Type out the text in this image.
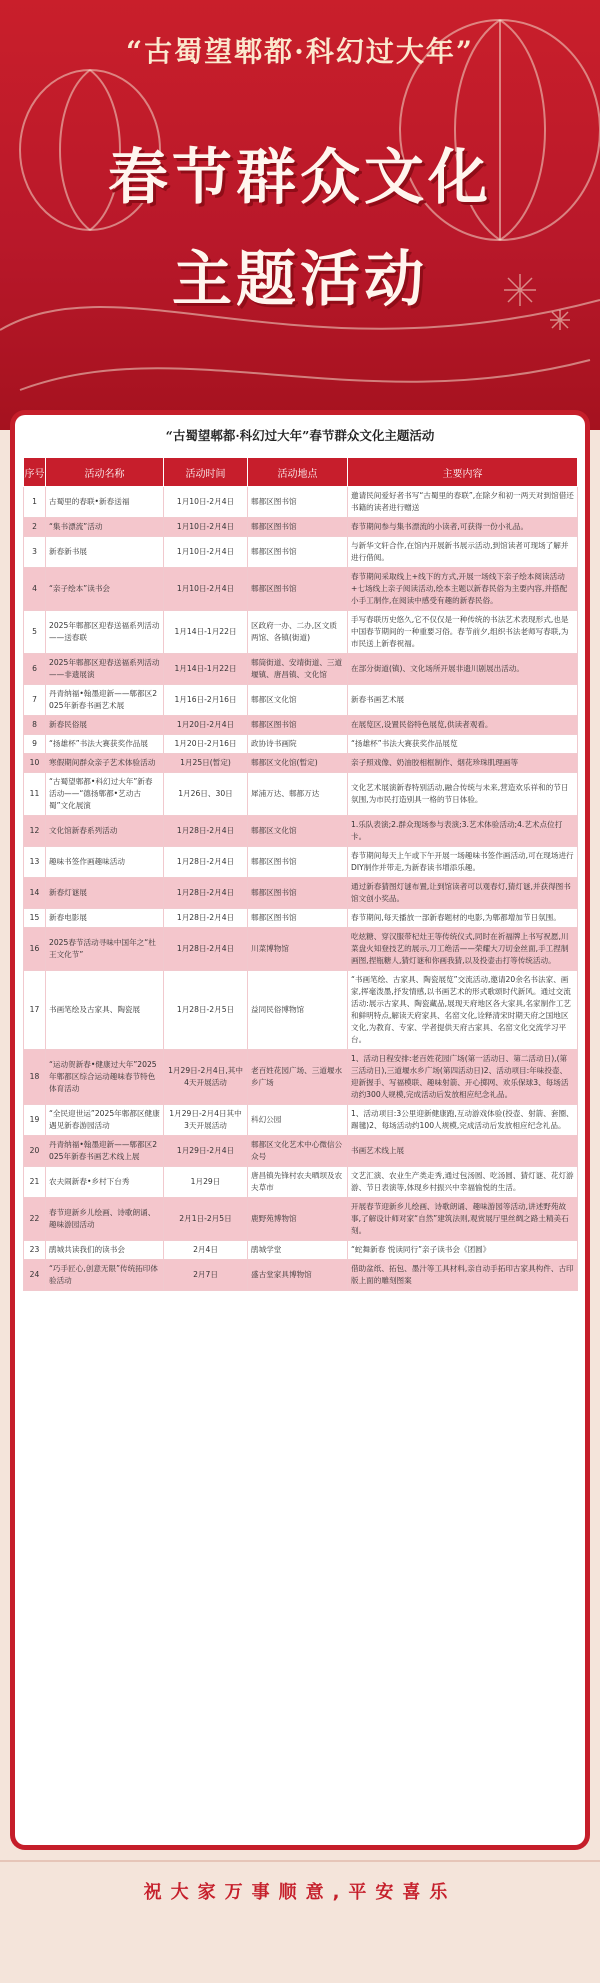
“古蜀望郫都·科幻过大年”
春节群众文化
主题活动
“古蜀望郫都·科幻过大年”春节群众文化主题活动
序号	活动名称	活动时间	活动地点	主要内容
1	古蜀里的春联•新春送福	1月10日-2月4日	郫都区图书馆	邀请民间爱好者书写“古蜀里的春联”,在除夕和初一两天对到馆借还书籍的读者进行赠送
2	“集书漂流”活动	1月10日-2月4日	郫都区图书馆	春节期间参与集书漂流的小读者,可获得一份小礼品。
3	新春新书展	1月10日-2月4日	郫都区图书馆	与新华文轩合作,在馆内开展新书展示活动,到馆读者可现场了解并进行借阅。
4	“亲子绘本”读书会	1月10日-2月4日	郫都区图书馆	春节期间采取线上+线下的方式,开展一场线下亲子绘本阅读活动+七场线上亲子阅读活动,绘本主题以新春民俗为主要内容,并搭配小手工制作,在阅读中感受有趣的新春民俗。
5	2025年郫都区迎春送福系列活动——送春联	1月14日-1月22日	区政府一办、二办,区文质两馆、各镇(街道)	手写春联历史悠久,它不仅仅是一种传统的书法艺术表现形式,也是中国春节期间的一种重要习俗。春节前夕,组织书法老师写春联,为市民送上新春祝福。
6	2025年郫都区迎春送福系列活动——非遗展演	1月14日-1月22日	郫筒街道、安靖街道、三道堰镇、唐昌镇、文化馆	在部分街道(镇)、文化场所开展非遗川剧展出活动。
7	丹青纳福•翰墨迎新——郫都区2025年新春书画艺术展	1月16日-2月16日	郫都区文化馆	新春书画艺术展
8	新春民俗展	1月20日-2月4日	郫都区图书馆	在展览区,设置民俗特色展览,供读者观看。
9	“扬雄杯”书法大赛获奖作品展	1月20日-2月16日	政协诗书画院	“扬雄杯”书法大赛获奖作品展览
10	寒假期间群众亲子艺术体验活动	1月25日(暂定)	郫都区文化馆(暂定)	亲子照戏像、奶油胶相框制作、烟花珍珠肌理画等
11	“古蜀望郫都•科幻过大年”新春活动——“德扬郫都•艺动古蜀”文化展演	1月26日、30日	犀浦万达、郫都万达	文化艺术展演新春特别活动,融合传统与未来,营造欢乐祥和的节日氛围,为市民打造别具一格的节日体验。
12	文化馆新春系列活动	1月28日-2月4日	郫都区文化馆	1.乐队表演;2.群众现场参与表演;3.艺术体验活动;4.艺术点位打卡。
13	趣味书签作画趣味活动	1月28日-2月4日	郫都区图书馆	春节期间每天上午或下午开展一场趣味书签作画活动,可在现场进行DIY制作并带走,为新春读书增添乐趣。
14	新春灯谜展	1月28日-2月4日	郫都区图书馆	通过新春猜图灯谜布置,让到馆读者可以观春灯,猜灯谜,并获得图书馆文创小奖品。
15	新春电影展	1月28日-2月4日	郫都区图书馆	春节期间,每天播放一部新春题材的电影,为郫都增加节日氛围。
16	2025春节活动寻味中国年之“杜王文化节”	1月28日-2月4日	川菜博物馆	吃炫糖、穿汉服带杞灶王等传统仪式,同时在祈福牌上书写祝愿,川菜盘火知登技艺的展示,刀工绝活——荣耀大刀切金丝面,手工捏制画图,捏瓶糖人,猜灯谜和你画我猜,以及投壶击打等传统活动。
17	书画笔绘及古家具、陶瓷展	1月28日-2月5日	益同民俗博物馆	“书画笔绘、古家具、陶瓷展览”交流活动,邀请20余名书法家、画家,挥毫泼墨,抒发情感,以书画艺术的形式歌颂时代新风。通过交流活动:展示古家具、陶瓷藏品,展现天府地区各大家具,名家制作工艺和鲜明特点,解读天府家具、名窑文化,诠释清宋时期天府之国地区文化,为教育、专家、学者提供天府古家具、名窑文化交流学习平台。
18	“运动贺新春•健康过大年”2025年郫都区综合运动趣味春节特色体育活动	1月29日-2月4日,其中4天开展活动	老百姓花园广场、三道堰水乡广场	1、活动日程安排:老百姓花园广场(第一活动日、第二活动日),(第三活动日),三道堰水乡广场(第四活动日)2、活动项目:年味投壶、迎新握手、写福模联、趣味射箭、开心掷网、欢乐保球3、每场活动约300人规模,完成活动后发放相应纪念礼品。
19	“全民迎世运”2025年郫都区健康遇见新春游园活动	1月29日-2月4日其中3天开展活动	科幻公园	1、活动项目:3公里迎新健康跑,互动游戏体验(投壶、射箭、套圈、踢毽)2、每场活动约100人规模,完成活动后发放相应纪念礼品。
20	丹青纳福•翰墨迎新——郫都区2025年新春书画艺术线上展	1月29日-2月4日	郫都区文化艺术中心微信公众号	书画艺术线上展
21	农夫闹新春•乡村下台秀	1月29日	唐昌镇先锋村农夫晒坝及农夫草市	文艺汇演、农业生产类走秀,通过包汤圆、吃汤圆、猜灯谜、花灯游游、节日表演等,体现乡村振兴中幸福愉悦的生活。
22	春节迎新乡儿绘画、诗歌朗诵、趣味游园活动	2月1日-2月5日	鹿野苑博物馆	开展春节迎新乡儿绘画、诗歌朗诵、趣味游园等活动,讲述野苑故事,了解设计师对家“自然”建筑法则,观赏展厅里丝绸之路土精美石刻。
23	鹃城共读我们的读书会	2月4日	鹃城学堂	“蛇舞新春 悦读同行”亲子读书会《团圆》
24	“巧手匠心,创意无限”传统拓印体验活动	2月7日	盛古堂家具博物馆	借助盆纸、拓包、墨汁等工具材料,亲自动手拓印古家具构件、古印版上面的雕刻图案
祝大家万事顺意,平安喜乐
